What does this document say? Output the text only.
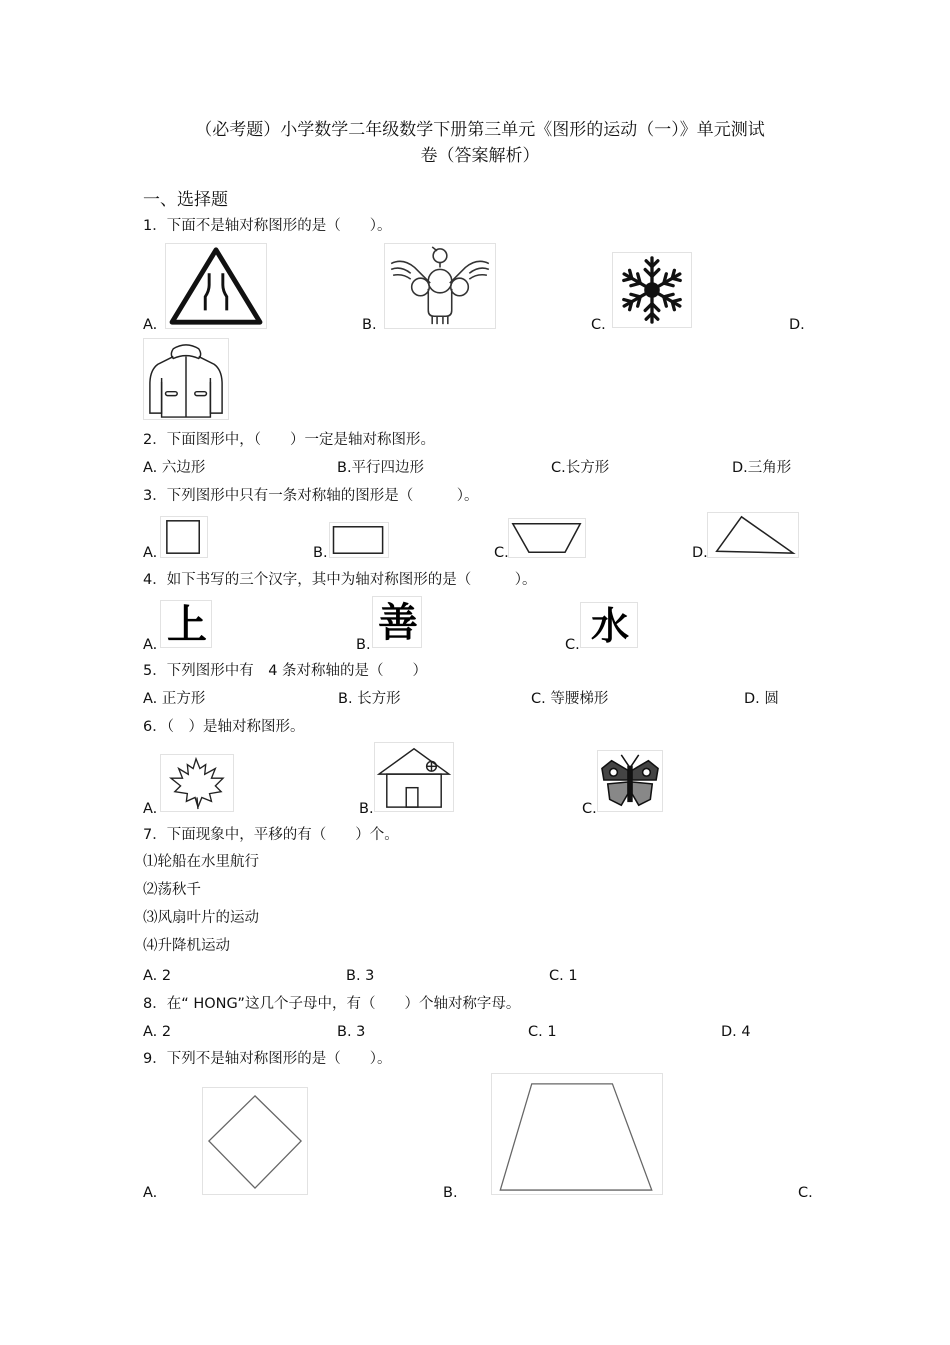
（必考题）小学数学二年级数学下册第三单元《图形的运动（一）》单元测试
卷（答案解析）
一、选择题
1．下面不是轴对称图形的是（　　）。
A.	B.	C.	D.
2．下面图形中，（　　）一定是轴对称图形。
A. 六边形	B.平行四边形	C.长方形	D.三角形
3．下列图形中只有一条对称轴的图形是（　　　）。
A.	B.	C.	D.
4．如下书写的三个汉字，其中为轴对称图形的是（　　　）。
A. 上	B. 善	C. 水
5．下列图形中有　4 条对称轴的是（　　）
A. 正方形	B. 长方形	C. 等腰梯形	D. 圆
6．（　）是轴对称图形。
A.	B.	C.
7．下面现象中，平移的有（　　）个。
⑴轮船在水里航行
⑵荡秋千
⑶风扇叶片的运动
⑷升降机运动
A. 2	B. 3	C. 1
8．在“ HONG”这几个子母中，有（　　）个轴对称字母。
A. 2	B. 3	C. 1	D. 4
9．下列不是轴对称图形的是（　　）。
A.	B.	C.
